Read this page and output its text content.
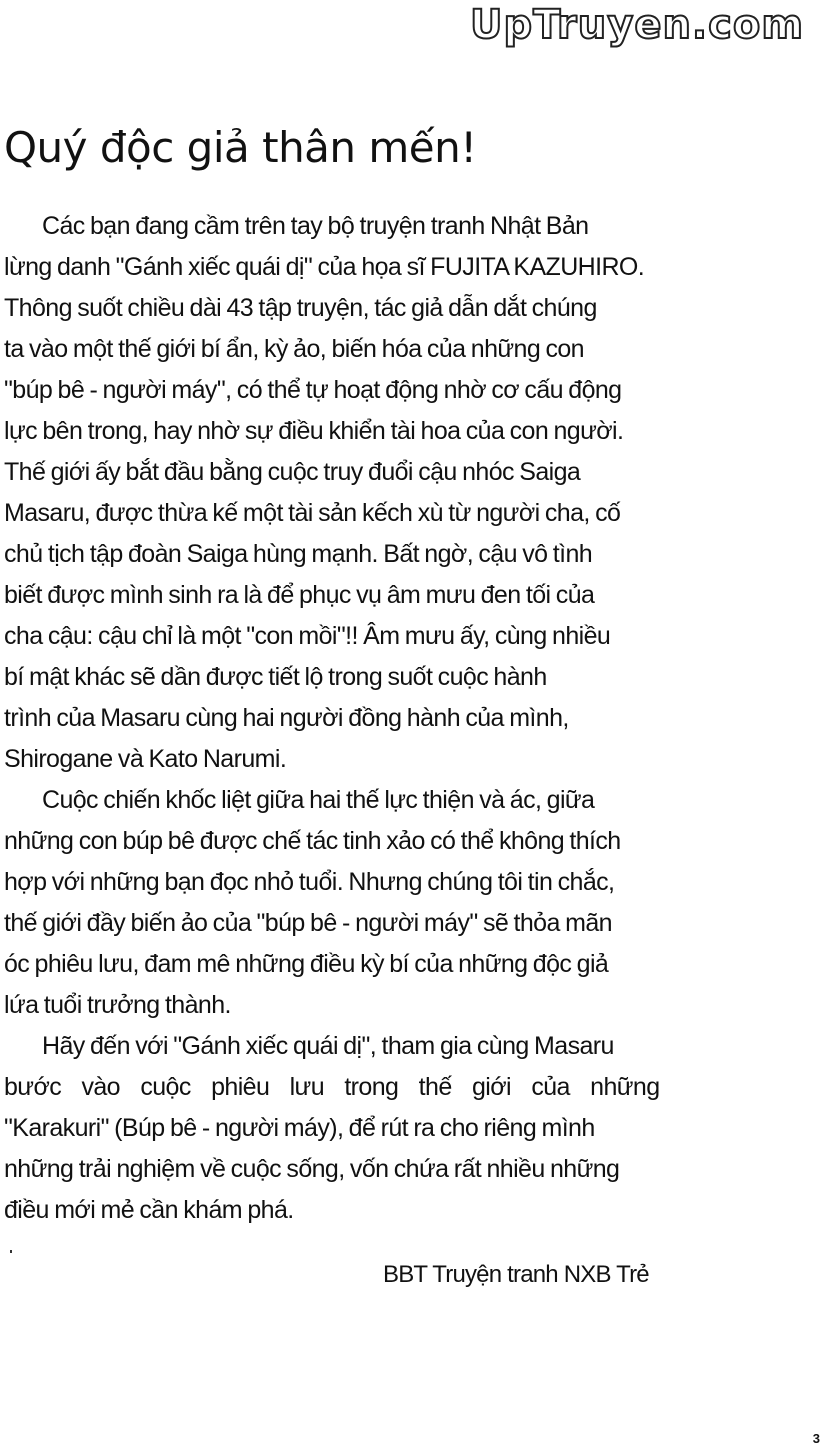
UpTruyen.com
Quý độc giả thân mến!
Các bạn đang cầm trên tay bộ truyện tranh Nhật Bản
lừng danh "Gánh xiếc quái dị" của họa sĩ FUJITA KAZUHIRO.
Thông suốt chiều dài 43 tập truyện, tác giả dẫn dắt chúng
ta vào một thế giới bí ẩn, kỳ ảo, biến hóa của những con
"búp bê - người máy", có thể tự hoạt động nhờ cơ cấu động
lực bên trong, hay nhờ sự điều khiển tài hoa của con người.
Thế giới ấy bắt đầu bằng cuộc truy đuổi cậu nhóc Saiga
Masaru, được thừa kế một tài sản kếch xù từ người cha, cố
chủ tịch tập đoàn Saiga hùng mạnh. Bất ngờ, cậu vô tình
biết được mình sinh ra là để phục vụ âm mưu đen tối của
cha cậu: cậu chỉ là một "con mồi"!! Âm mưu ấy, cùng nhiều
bí mật khác sẽ dần được tiết lộ trong suốt cuộc hành
trình của Masaru cùng hai người đồng hành của mình,
Shirogane và Kato Narumi.
Cuộc chiến khốc liệt giữa hai thế lực thiện và ác, giữa
những con búp bê được chế tác tinh xảo có thể không thích
hợp với những bạn đọc nhỏ tuổi. Nhưng chúng tôi tin chắc,
thế giới đầy biến ảo của "búp bê - người máy" sẽ thỏa mãn
óc phiêu lưu, đam mê những điều kỳ bí của những độc giả
lứa tuổi trưởng thành.
Hãy đến với "Gánh xiếc quái dị", tham gia cùng Masaru
bước vào cuộc phiêu lưu trong thế giới của những
"Karakuri" (Búp bê - người máy), để rút ra cho riêng mình
những trải nghiệm về cuộc sống, vốn chứa rất nhiều những
điều mới mẻ cần khám phá.
BBT Truyện tranh NXB Trẻ
3
